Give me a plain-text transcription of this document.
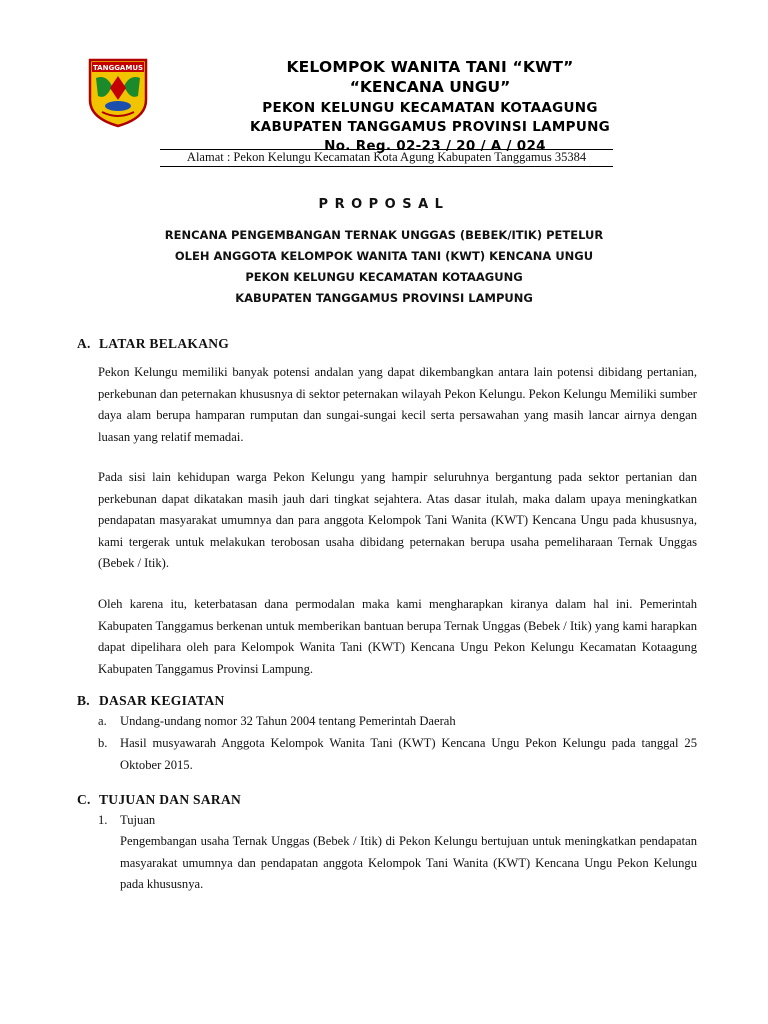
TANGGAMUS	KELOMPOK WANITA TANI “KWT”
“KENCANA UNGU”
PEKON KELUNGU KECAMATAN KOTAAGUNG
KABUPATEN TANGGAMUS PROVINSI LAMPUNG
No. Reg. 02-23 / 20 / A / 024
Alamat : Pekon Kelungu Kecamatan Kota Agung Kabupaten Tanggamus 35384
PROPOSAL
RENCANA PENGEMBANGAN TERNAK UNGGAS (BEBEK/ITIK) PETELUR
OLEH ANGGOTA KELOMPOK WANITA TANI (KWT) KENCANA UNGU
PEKON KELUNGU KECAMATAN KOTAAGUNG
KABUPATEN TANGGAMUS PROVINSI LAMPUNG
A. LATAR BELAKANG
Pekon Kelungu memiliki banyak potensi andalan yang dapat dikembangkan antara lain potensi dibidang pertanian, perkebunan dan peternakan khususnya di sektor peternakan wilayah Pekon Kelungu. Pekon Kelungu Memiliki sumber daya alam berupa hamparan rumputan dan sungai-sungai kecil serta persawahan yang masih lancar airnya dengan luasan yang relatif memadai.
Pada sisi lain kehidupan warga Pekon Kelungu yang hampir seluruhnya bergantung pada sektor pertanian dan perkebunan dapat dikatakan masih jauh dari tingkat sejahtera. Atas dasar itulah, maka dalam upaya meningkatkan pendapatan masyarakat umumnya dan para anggota Kelompok Tani Wanita (KWT) Kencana Ungu pada khususnya, kami tergerak untuk melakukan terobosan usaha dibidang peternakan berupa usaha pemeliharaan Ternak Unggas (Bebek / Itik).
Oleh karena itu, keterbatasan dana permodalan maka kami mengharapkan kiranya dalam hal ini. Pemerintah Kabupaten Tanggamus berkenan untuk memberikan bantuan berupa Ternak Unggas (Bebek / Itik) yang kami harapkan dapat dipelihara oleh para Kelompok Wanita Tani (KWT) Kencana Ungu Pekon Kelungu Kecamatan Kotaagung Kabupaten Tanggamus Provinsi Lampung.
B. DASAR KEGIATAN
a. Undang-undang nomor 32 Tahun 2004 tentang Pemerintah Daerah
b. Hasil musyawarah Anggota Kelompok Wanita Tani (KWT) Kencana Ungu Pekon Kelungu pada tanggal 25 Oktober 2015.
C. TUJUAN DAN SARAN
1. Tujuan
Pengembangan usaha Ternak Unggas (Bebek / Itik) di Pekon Kelungu bertujuan untuk meningkatkan pendapatan masyarakat umumnya dan pendapatan anggota Kelompok Tani Wanita (KWT) Kencana Ungu Pekon Kelungu pada khususnya.
